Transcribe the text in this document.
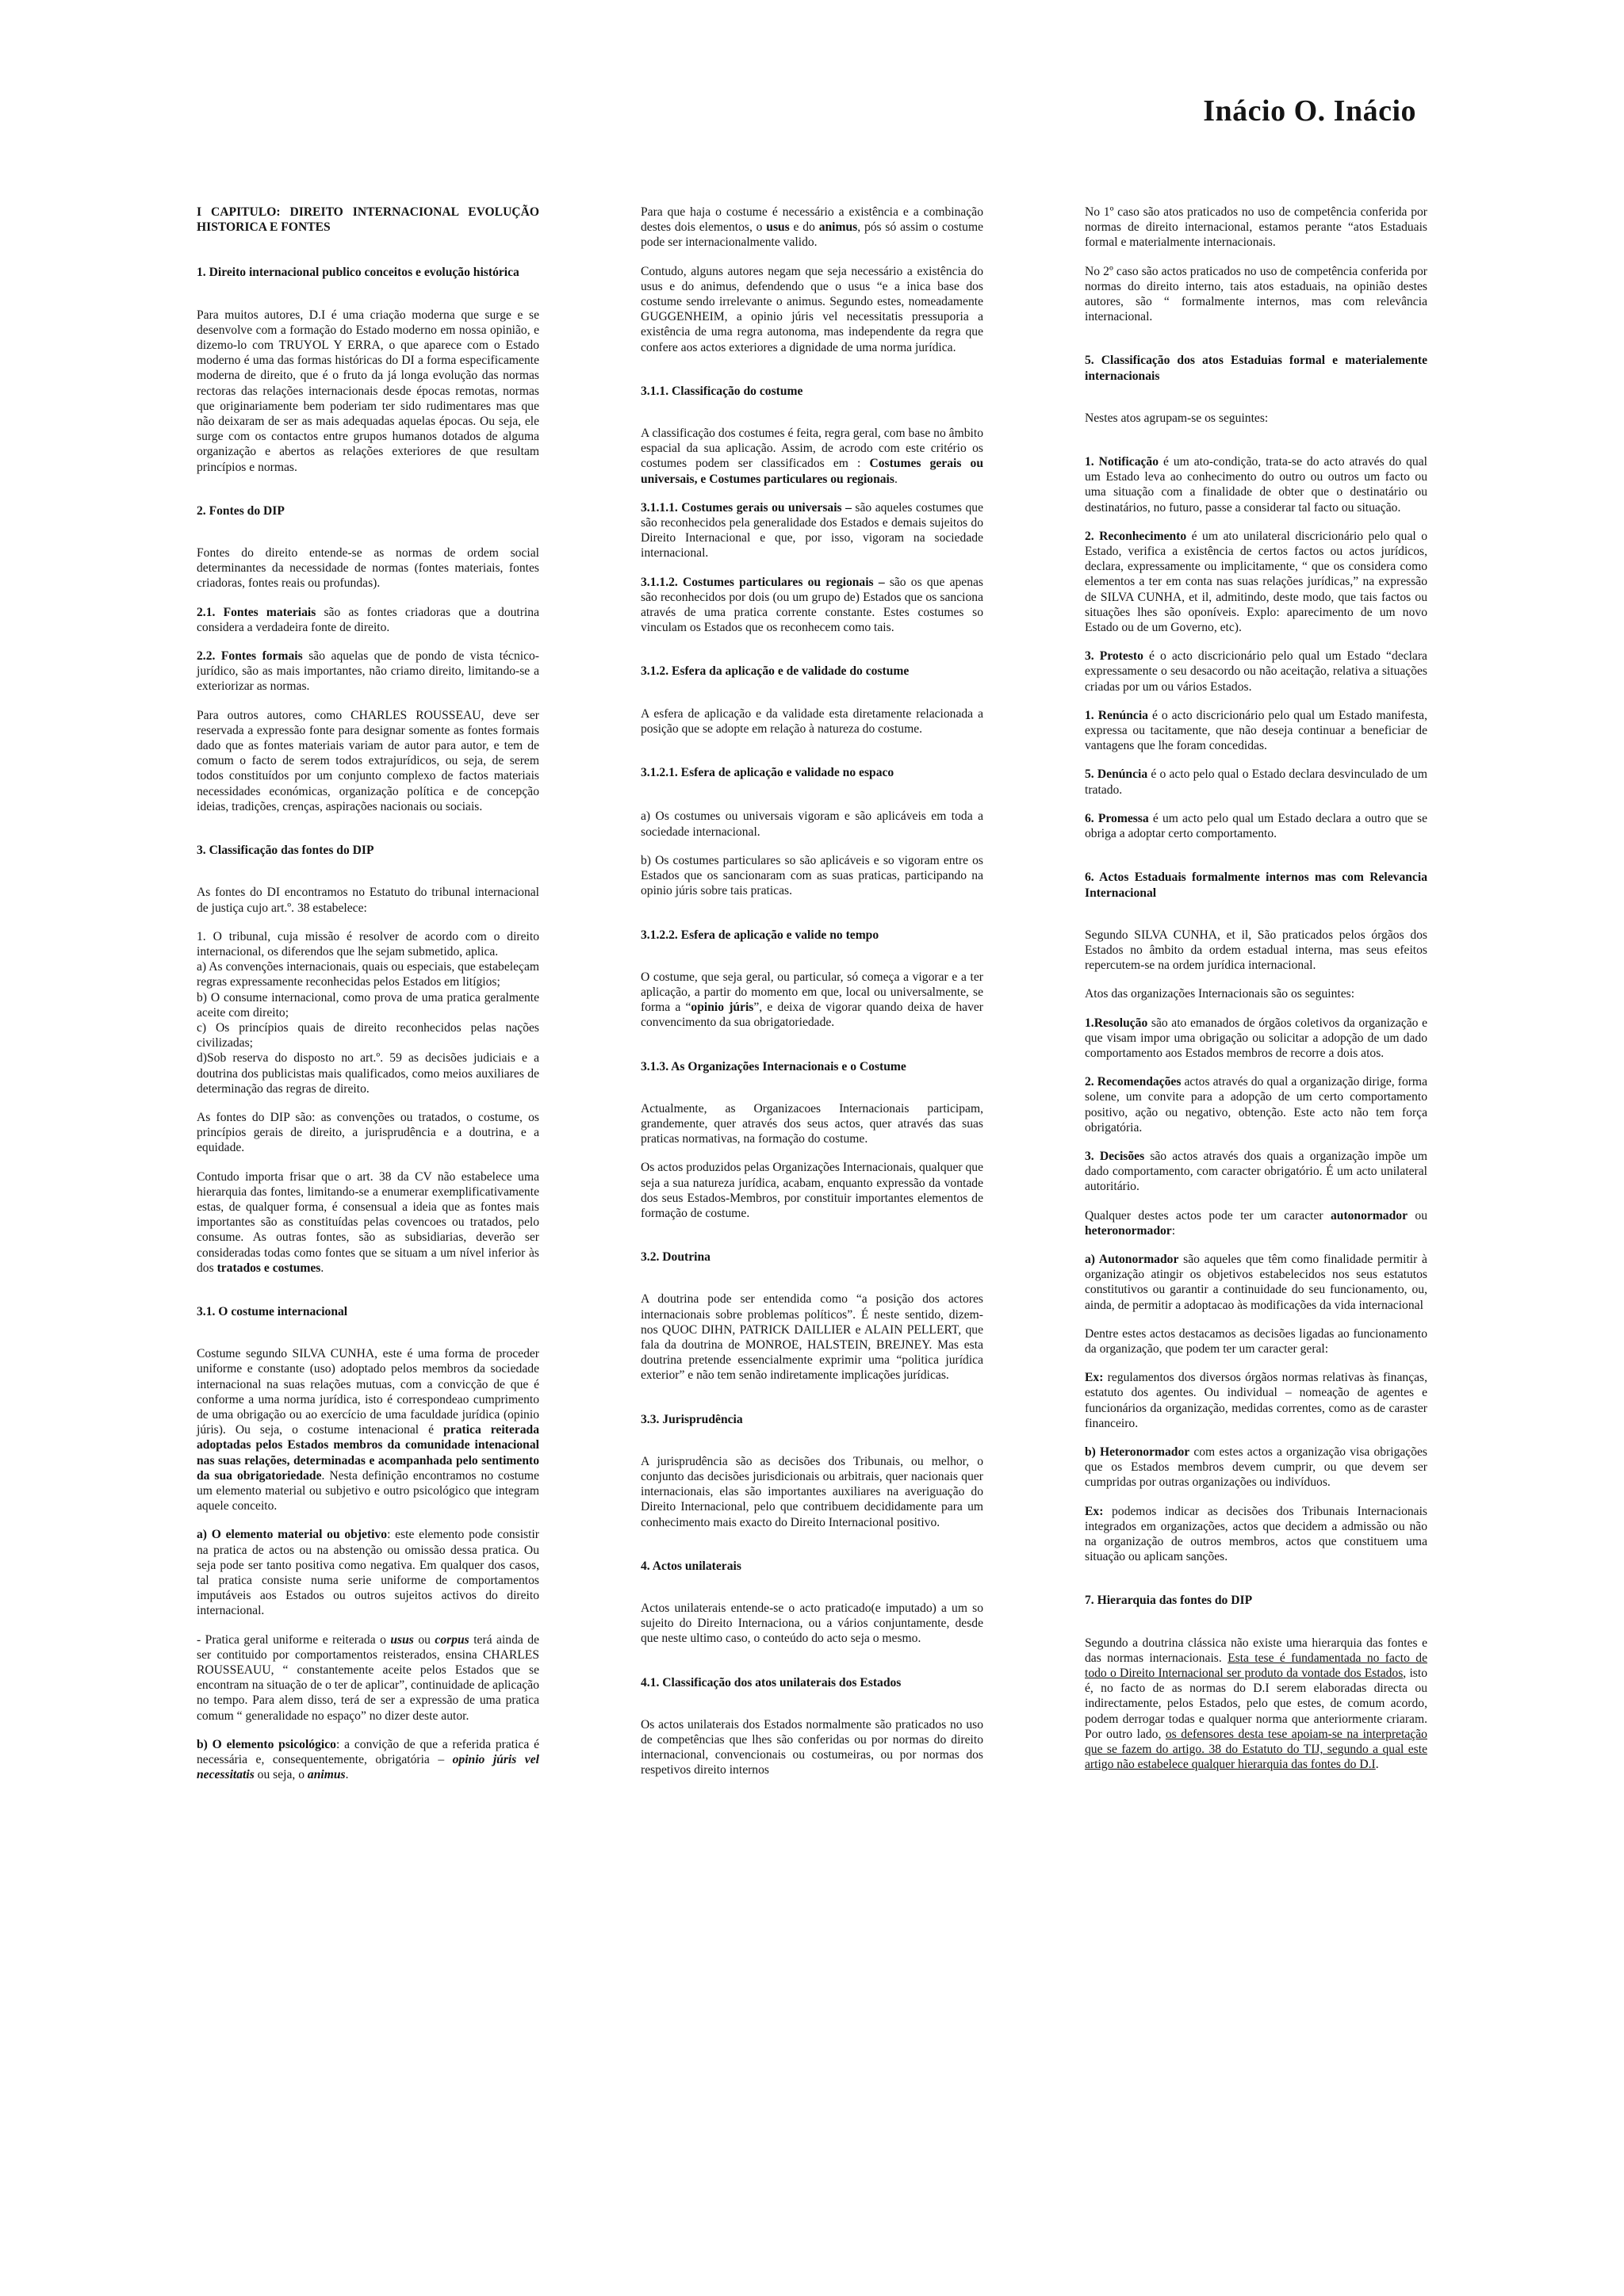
Inácio O. Inácio
I CAPITULO: DIREITO INTERNACIONAL EVOLUÇÃO HISTORICA E FONTES
1. Direito internacional publico conceitos e evolução histórica
Para muitos autores, D.I é uma criação moderna que surge e se desenvolve com a formação do Estado moderno em nossa opinião, e dizemo-lo com TRUYOL Y ERRA, o que aparece com o Estado moderno é uma das formas históricas do DI a forma especificamente moderna de direito, que é o fruto da já longa evolução das normas rectoras das relações internacionais desde épocas remotas, normas que originariamente bem poderiam ter sido rudimentares mas que não deixaram de ser as mais adequadas aquelas épocas. Ou seja, ele surge com os contactos entre grupos humanos dotados de alguma organização e abertos as relações exteriores de que resultam princípios e normas.
2. Fontes do DIP
Fontes do direito entende-se as normas de ordem social determinantes da necessidade de normas (fontes materiais, fontes criadoras, fontes reais ou profundas).
2.1. Fontes materiais são as fontes criadoras que a doutrina considera a verdadeira fonte de direito.
2.2. Fontes formais são aquelas que de pondo de vista técnico-jurídico, são as mais importantes, não criamo direito, limitando-se a exteriorizar as normas.
Para outros autores, como CHARLES ROUSSEAU, deve ser reservada a expressão fonte para designar somente as fontes formais dado que as fontes materiais variam de autor para autor, e tem de comum o facto de serem todos extrajurídicos, ou seja, de serem todos constituídos por um conjunto complexo de factos materiais necessidades económicas, organização política e de concepção ideias, tradições, crenças, aspirações nacionais ou sociais.
3. Classificação das fontes do DIP
As fontes do DI encontramos no Estatuto do tribunal internacional de justiça cujo art.º. 38 estabelece:
1. O tribunal, cuja missão é resolver de acordo com o direito internacional, os diferendos que lhe sejam submetido, aplica.
a) As convenções internacionais, quais ou especiais, que estabeleçam regras expressamente reconhecidas pelos Estados em litígios;
b) O consume internacional, como prova de uma pratica geralmente aceite com direito;
c) Os princípios quais de direito reconhecidos pelas nações civilizadas;
d)Sob reserva do disposto no art.º. 59 as decisões judiciais e a doutrina dos publicistas mais qualificados, como meios auxiliares de determinação das regras de direito.
As fontes do DIP são: as convenções ou tratados, o costume, os princípios gerais de direito, a jurisprudência e a doutrina, e a equidade.
Contudo importa frisar que o art. 38 da CV não estabelece uma hierarquia das fontes, limitando-se a enumerar exemplificativamente estas, de qualquer forma, é consensual a ideia que as fontes mais importantes são as constituídas pelas covencoes ou tratados, pelo consume. As outras fontes, são as subsidiarias, deverão ser consideradas todas como fontes que se situam a um nível inferior às dos tratados e costumes.
3.1. O costume internacional
Costume segundo SILVA CUNHA, este é uma forma de proceder uniforme e constante (uso) adoptado pelos membros da sociedade internacional na suas relações mutuas, com a convicção de que é conforme a uma norma jurídica, isto é correspondeao cumprimento de uma obrigação ou ao exercício de uma faculdade jurídica (opinio júris). Ou seja, o costume intenacional é pratica reiterada adoptadas pelos Estados membros da comunidade intenacional nas suas relações, determinadas e acompanhada pelo sentimento da sua obrigatoriedade. Nesta definição encontramos no costume um elemento material ou subjetivo e outro psicológico que integram aquele conceito.
a) O elemento material ou objetivo: este elemento pode consistir na pratica de actos ou na abstenção ou omissão dessa pratica. Ou seja pode ser tanto positiva como negativa. Em qualquer dos casos, tal pratica consiste numa serie uniforme de comportamentos imputáveis aos Estados ou outros sujeitos activos do direito internacional.
- Pratica geral uniforme e reiterada o usus ou corpus terá ainda de ser contituido por comportamentos reisterados, ensina CHARLES ROUSSEAUU, “ constantemente aceite pelos Estados que se encontram na situação de o ter de aplicar”, continuidade de aplicação no tempo. Para alem disso, terá de ser a expressão de uma pratica comum “ generalidade no espaço” no dizer deste autor.
b) O elemento psicológico: a convição de que a referida pratica é necessária e, consequentemente, obrigatória – opinio júris vel necessitatis ou seja, o animus.
Para que haja o costume é necessário a existência e a combinação destes dois elementos, o usus e do animus, pós só assim o costume pode ser internacionalmente valido.
Contudo, alguns autores negam que seja necessário a existência do usus e do animus, defendendo que o usus “e a inica base dos costume sendo irrelevante o animus. Segundo estes, nomeadamente GUGGENHEIM, a opinio júris vel necessitatis pressuporia a existência de uma regra autonoma, mas independente da regra que confere aos actos exteriores a dignidade de uma norma jurídica.
3.1.1. Classificação do costume
A classificação dos costumes é feita, regra geral, com base no âmbito espacial da sua aplicação. Assim, de acrodo com este critério os costumes podem ser classificados em : Costumes gerais ou universais, e Costumes particulares ou regionais.
3.1.1.1. Costumes gerais ou universais – são aqueles costumes que são reconhecidos pela generalidade dos Estados e demais sujeitos do Direito Internacional e que, por isso, vigoram na sociedade internacional.
3.1.1.2. Costumes particulares ou regionais – são os que apenas são reconhecidos por dois (ou um grupo de) Estados que os sanciona através de uma pratica corrente constante. Estes costumes so vinculam os Estados que os reconhecem como tais.
3.1.2. Esfera da aplicação e de validade do costume
A esfera de aplicação e da validade esta diretamente relacionada a posição que se adopte em relação à natureza do costume.
3.1.2.1. Esfera de aplicação e validade no espaco

a) Os costumes ou universais vigoram e são aplicáveis em toda a sociedade internacional.
b) Os costumes particulares so são aplicáveis e so vigoram entre os Estados que os sancionaram com as suas praticas, participando na opinio júris sobre tais praticas.
3.1.2.2. Esfera de aplicação e valide no tempo
O costume, que seja geral, ou particular, só começa a vigorar e a ter aplicação, a partir do momento em que, local ou universalmente, se forma a “opinio júris”, e deixa de vigorar quando deixa de haver convencimento da sua obrigatoriedade.
3.1.3. As Organizações Internacionais e o Costume
Actualmente, as Organizacoes Internacionais participam, grandemente, quer através dos seus actos, quer através das suas praticas normativas, na formação do costume.
Os actos produzidos pelas Organizações Internacionais, qualquer que seja a sua natureza jurídica, acabam, enquanto expressão da vontade dos seus Estados-Membros, por constituir importantes elementos de formação de costume.
3.2. Doutrina
A doutrina pode ser entendida como “a posição dos actores internacionais sobre problemas políticos”. É neste sentido, dizem-nos QUOC DIHN, PATRICK DAILLIER e ALAIN PELLERT, que fala da doutrina de MONROE, HALSTEIN, BREJNEY. Mas esta doutrina pretende essencialmente exprimir uma “politica jurídica exterior” e não tem senão indiretamente implicações jurídicas.
3.3. Jurisprudência
A jurisprudência são as decisões dos Tribunais, ou melhor, o conjunto das decisões jurisdicionais ou arbitrais, quer nacionais quer internacionais, elas são importantes auxiliares na averiguação do Direito Internacional, pelo que contribuem decididamente para um conhecimento mais exacto do Direito Internacional positivo.
4. Actos unilaterais
Actos unilaterais entende-se o acto praticado(e imputado) a um so sujeito do Direito Internaciona, ou a vários conjuntamente, desde que neste ultimo caso, o conteúdo do acto seja o mesmo.
4.1. Classificação dos atos unilaterais dos Estados
Os actos unilaterais dos Estados normalmente são praticados no uso de competências que lhes são conferidas ou por normas do direito internacional, convencionais ou costumeiras, ou por normas dos respetivos direito internos
No 1º caso são atos praticados no uso de competência conferida por normas de direito internacional, estamos perante “atos Estaduais formal e materialmente internacionais.
No 2º caso são actos praticados no uso de competência conferida por normas do direito interno, tais atos estaduais, na opinião destes autores, são “ formalmente internos, mas com relevância internacional.
5. Classificação dos atos Estaduias formal e materialemente internacionais
Nestes atos agrupam-se os seguintes:
1. Notificação é um ato-condição, trata-se do acto através do qual um Estado leva ao conhecimento do outro ou outros um facto ou uma situação com a finalidade de obter que o destinatário ou destinatários, no futuro, passe a considerar tal facto ou situação.
2. Reconhecimento é um ato unilateral discricionário pelo qual o Estado, verifica a existência de certos factos ou actos jurídicos, declara, expressamente ou implicitamente, “ que os considera como elementos a ter em conta nas suas relações jurídicas,” na expressão de SILVA CUNHA, et il, admitindo, deste modo, que tais factos ou situações lhes são oponíveis. Explo: aparecimento de um novo Estado ou de um Governo, etc).
3. Protesto é o acto discricionário pelo qual um Estado “declara expressamente o seu desacordo ou não aceitação, relativa a situações criadas por um ou vários Estados.
1. Renúncia é o acto discricionário pelo qual um Estado manifesta, expressa ou tacitamente, que não deseja continuar a beneficiar de vantagens que lhe foram concedidas.
5. Denúncia é o acto pelo qual o Estado declara desvinculado de um tratado.
6. Promessa é um acto pelo qual um Estado declara a outro que se obriga a adoptar certo comportamento.
6. Actos Estaduais formalmente internos mas com Relevancia Internacional
Segundo SILVA CUNHA, et il, São praticados pelos órgãos dos Estados no âmbito da ordem estadual interna, mas seus efeitos repercutem-se na ordem jurídica internacional.
Atos das organizações Internacionais são os seguintes:
1.Resolução são ato emanados de órgãos coletivos da organização e que visam impor uma obrigação ou solicitar a adopção de um dado comportamento aos Estados membros de recorre a dois atos.
2. Recomendações actos através do qual a organização dirige, forma solene, um convite para a adopção de um certo comportamento positivo, ação ou negativo, obtenção. Este acto não tem força obrigatória.
3. Decisões são actos através dos quais a organização impõe um dado comportamento, com caracter obrigatório. É um acto unilateral autoritário.
Qualquer destes actos pode ter um caracter autonormador ou heteronormador:
a) Autonormador são aqueles que têm como finalidade permitir à organização atingir os objetivos estabelecidos nos seus estatutos constitutivos ou garantir a continuidade do seu funcionamento, ou, ainda, de permitir a adoptacao às modificações da vida internacional
Dentre estes actos destacamos as decisões ligadas ao funcionamento da organização, que podem ter um caracter geral:
Ex: regulamentos dos diversos órgãos normas relativas às finanças, estatuto dos agentes. Ou individual – nomeação de agentes e funcionários da organização, medidas correntes, como as de caraster financeiro.
b) Heteronormador com estes actos a organização visa obrigações que os Estados membros devem cumprir, ou que devem ser cumpridas por outras organizações ou indivíduos.
Ex: podemos indicar as decisões dos Tribunais Internacionais integrados em organizações, actos que decidem a admissão ou não na organização de outros membros, actos que constituem uma situação ou aplicam sanções.
7. Hierarquia das fontes do DIP
Segundo a doutrina clássica não existe uma hierarquia das fontes e das normas internacionais. Esta tese é fundamentada no facto de todo o Direito Internacional ser produto da vontade dos Estados, isto é, no facto de as normas do D.I serem elaboradas directa ou indirectamente, pelos Estados, pelo que estes, de comum acordo, podem derrogar todas e qualquer norma que anteriormente criaram. Por outro lado, os defensores desta tese apoiam-se na interpretação que se fazem do artigo. 38 do Estatuto do TIJ, segundo a qual este artigo não estabelece qualquer hierarquia das fontes do D.I.
